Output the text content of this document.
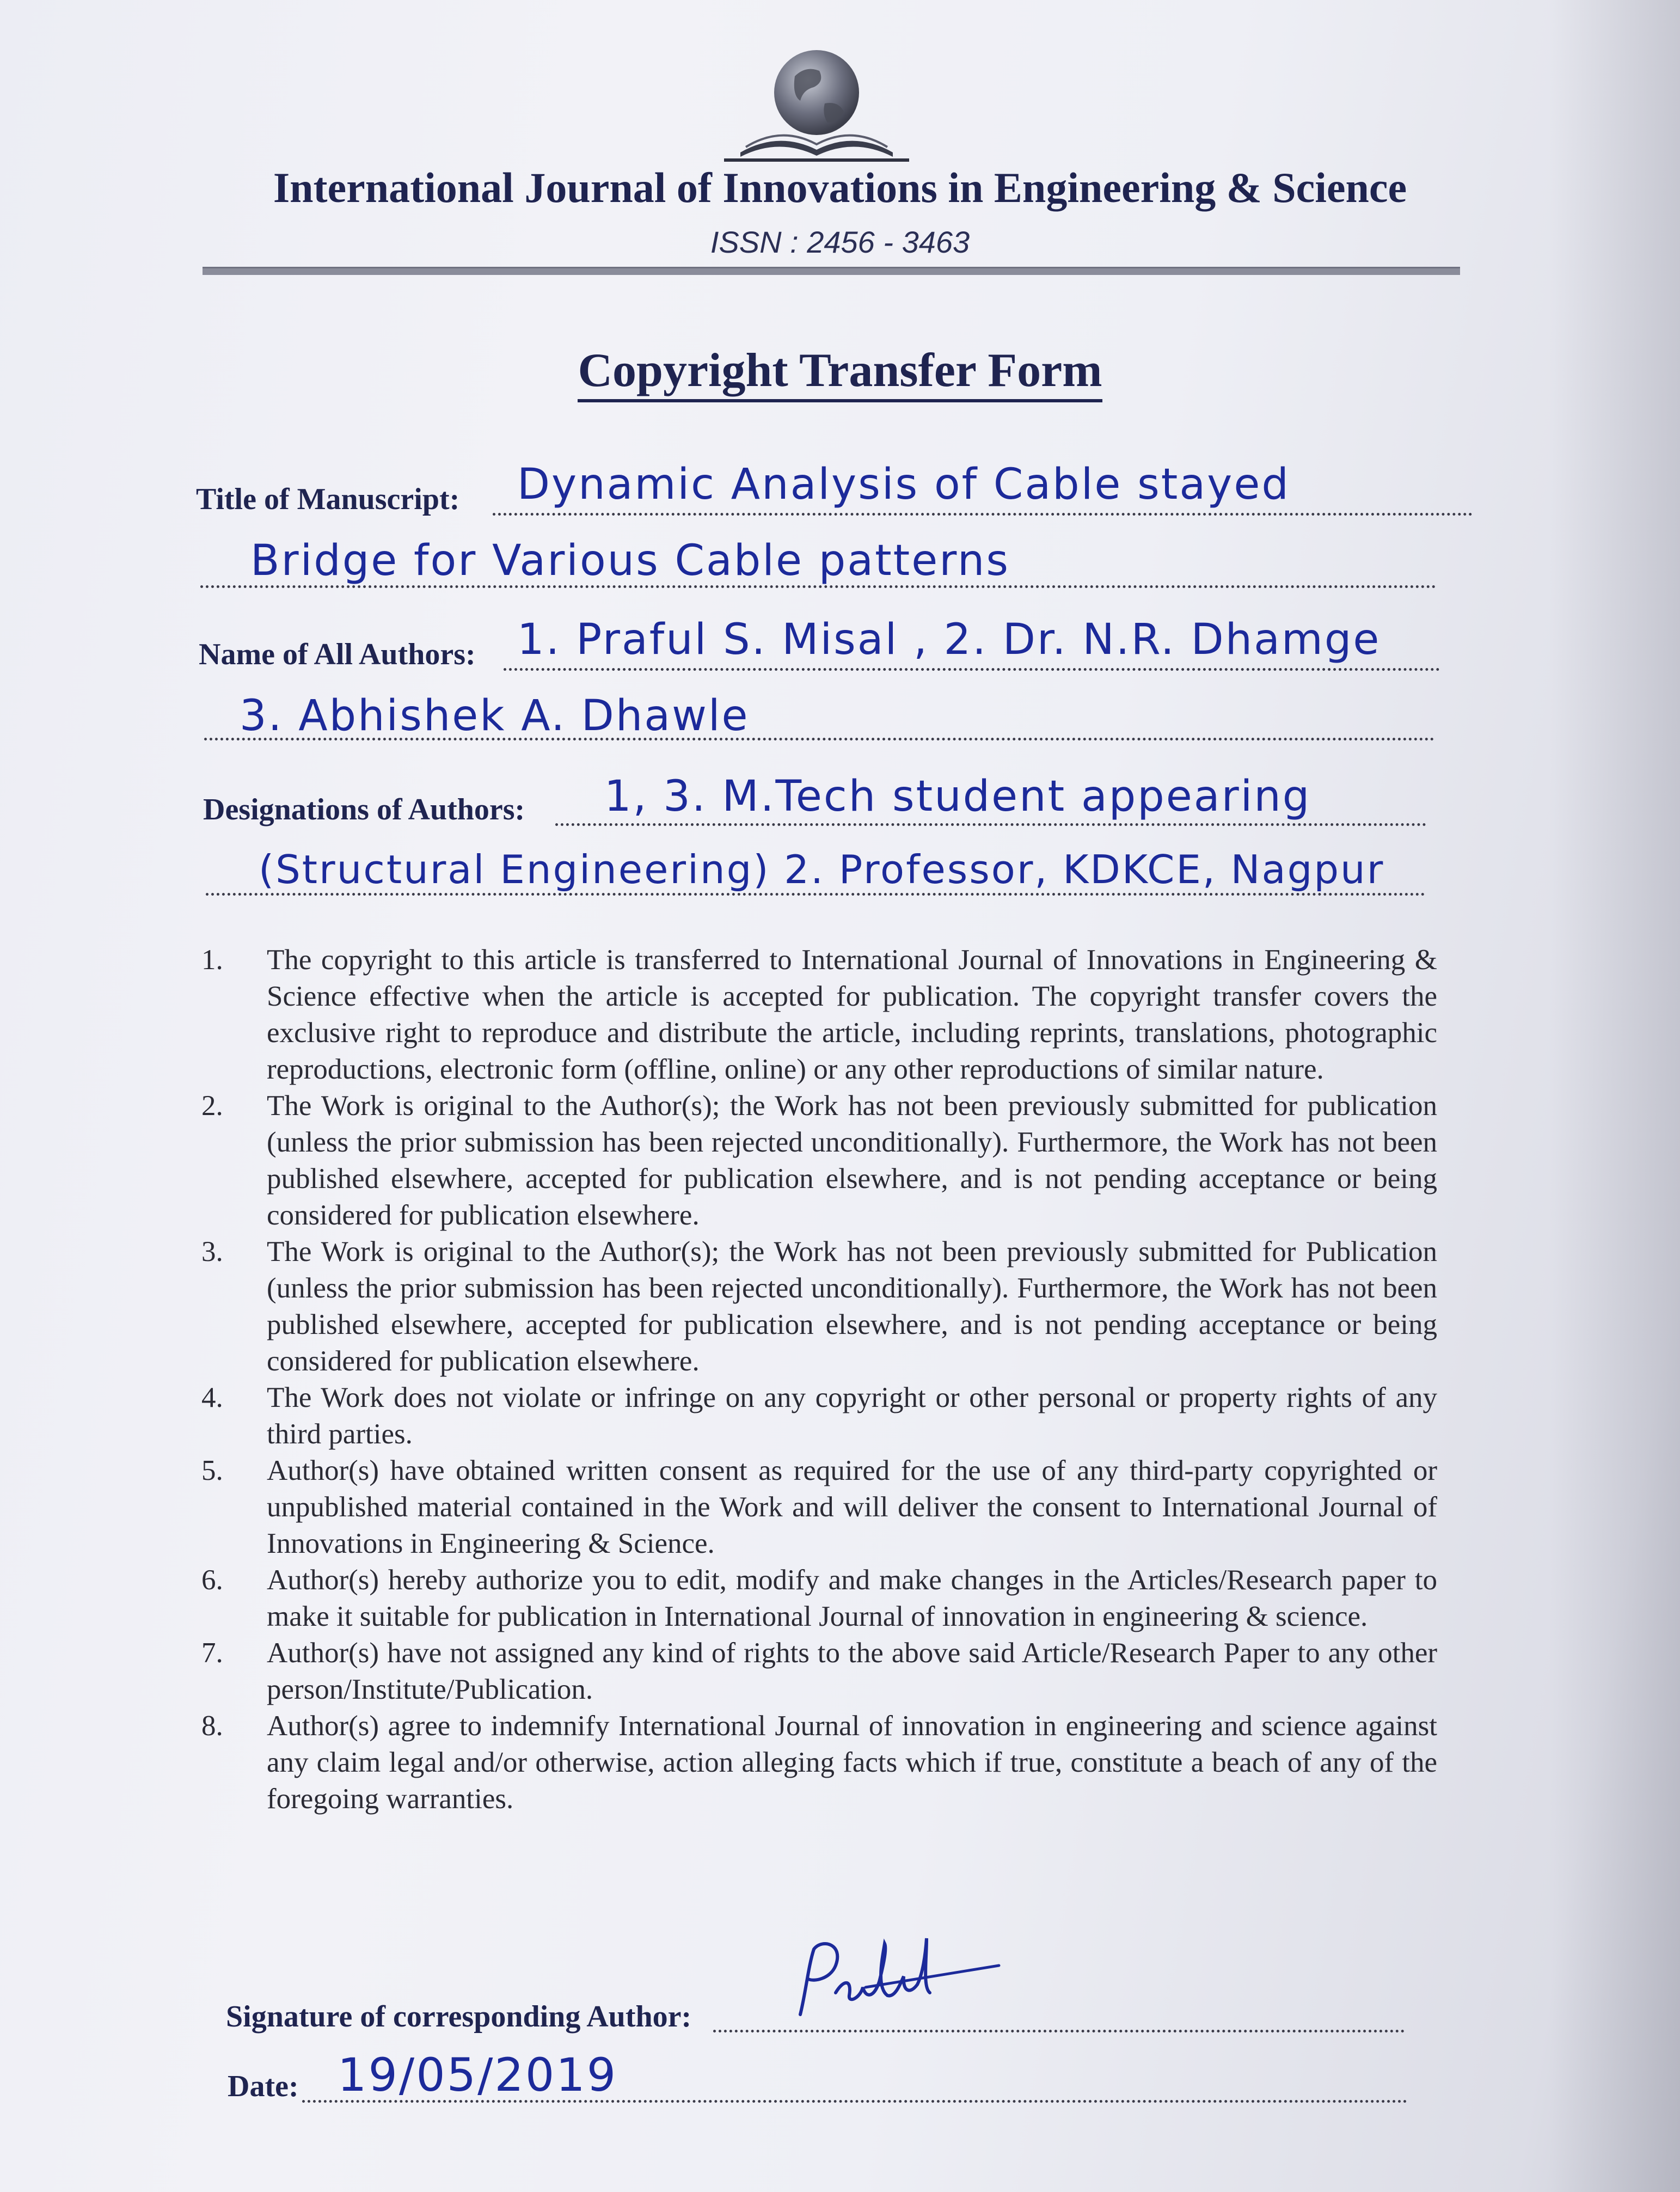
International Journal of Innovations in Engineering & Science
ISSN : 2456 - 3463
Copyright Transfer Form
Title of Manuscript: Dynamic Analysis of Cable stayed
Bridge for Various Cable patterns
Name of All Authors: 1. Praful S. Misal , 2. Dr. N.R. Dhamge
3. Abhishek A. Dhawle
Designations of Authors: 1, 3. M.Tech student appearing
(Structural Engineering) 2. Professor, KDKCE, Nagpur
1.	The copyright to this article is transferred to International Journal of Innovations in Engineering & Science effective when the article is accepted for publication. The copyright transfer covers the exclusive right to reproduce and distribute the article, including reprints, translations, photographic reproductions, electronic form (offline, online) or any other reproductions of similar nature.
2.	The Work is original to the Author(s); the Work has not been previously submitted for publication (unless the prior submission has been rejected unconditionally). Furthermore, the Work has not been published elsewhere, accepted for publication elsewhere, and is not pending acceptance or being considered for publication elsewhere.
3.	The Work is original to the Author(s); the Work has not been previously submitted for Publication (unless the prior submission has been rejected unconditionally). Furthermore, the Work has not been published elsewhere, accepted for publication elsewhere, and is not pending acceptance or being considered for publication elsewhere.
4.	The Work does not violate or infringe on any copyright or other personal or property rights of any third parties.
5.	Author(s) have obtained written consent as required for the use of any third-party copyrighted or unpublished material contained in the Work and will deliver the consent to International Journal of Innovations in Engineering & Science.
6.	Author(s) hereby authorize you to edit, modify and make changes in the Articles/Research paper to make it suitable for publication in International Journal of innovation in engineering & science.
7.	Author(s) have not assigned any kind of rights to the above said Article/Research Paper to any other person/Institute/Publication.
8.	Author(s) agree to indemnify International Journal of innovation in engineering and science against any claim legal and/or otherwise, action alleging facts which if true, constitute a beach of any of the foregoing warranties.
Signature of corresponding Author:
Date: 19/05/2019
